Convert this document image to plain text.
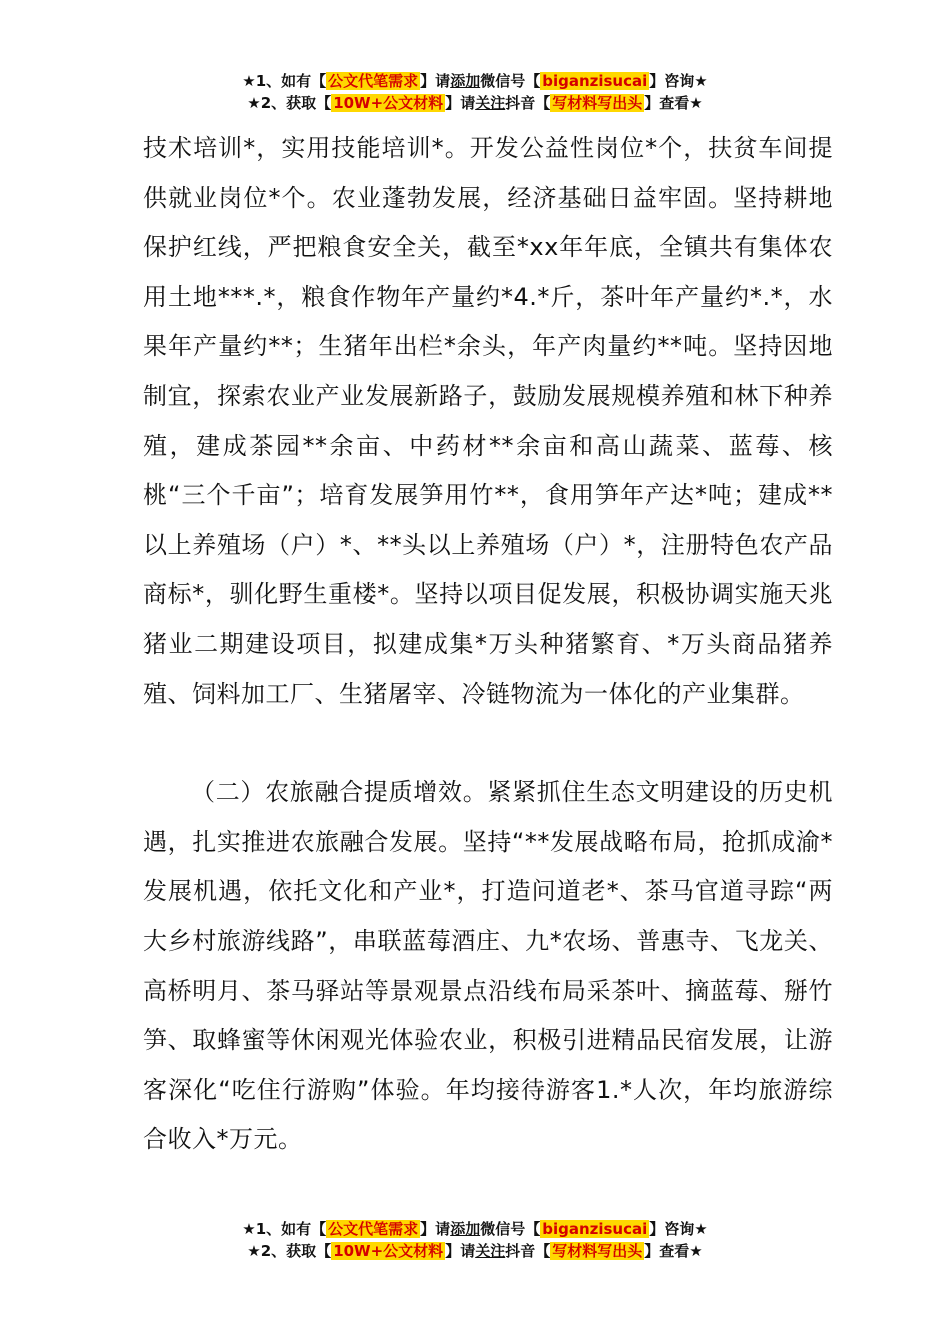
★1、如有【 公文代笔需求 】请添加微信号【 biganzisucai 】咨询★
★2、获取【 10W+公文材料 】请关注抖音【 写材料写出头 】查看★

技术培训*，实用技能培训*。开发公益性岗位*个，扶贫车间提供就业岗位*个。农业蓬勃发展，经济基础日益牢固。坚持耕地保护红线，严把粮食安全关，截至*xx年年底，全镇共有集体农用土地***.*，粮食作物年产量约*4.*斤，茶叶年产量约*.*，水果年产量约**；生猪年出栏*余头，年产肉量约**吨。坚持因地制宜，探索农业产业发展新路子，鼓励发展规模养殖和林下种养殖，建成茶园**余亩、中药材**余亩和高山蔬菜、蓝莓、核桃“三个千亩”；培育发展笋用竹**，食用笋年产达*吨；建成**以上养殖场（户）*、**头以上养殖场（户）*，注册特色农产品商标*，驯化野生重楼*。坚持以项目促发展，积极协调实施天兆猪业二期建设项目，拟建成集*万头种猪繁育、*万头商品猪养殖、饲料加工厂、生猪屠宰、冷链物流为一体化的产业集群。

（二）农旅融合提质增效。紧紧抓住生态文明建设的历史机遇，扎实推进农旅融合发展。坚持“**发展战略布局，抢抓成渝*发展机遇，依托文化和产业*，打造问道老*、茶马官道寻踪“两大乡村旅游线路”，串联蓝莓酒庄、九*农场、普惠寺、飞龙关、高桥明月、茶马驿站等景观景点沿线布局采茶叶、摘蓝莓、掰竹笋、取蜂蜜等休闲观光体验农业，积极引进精品民宿发展，让游客深化“吃住行游购”体验。年均接待游客1.*人次，年均旅游综合收入*万元。

★1、如有【 公文代笔需求 】请添加微信号【 biganzisucai 】咨询★
★2、获取【 10W+公文材料 】请关注抖音【 写材料写出头 】查看★
